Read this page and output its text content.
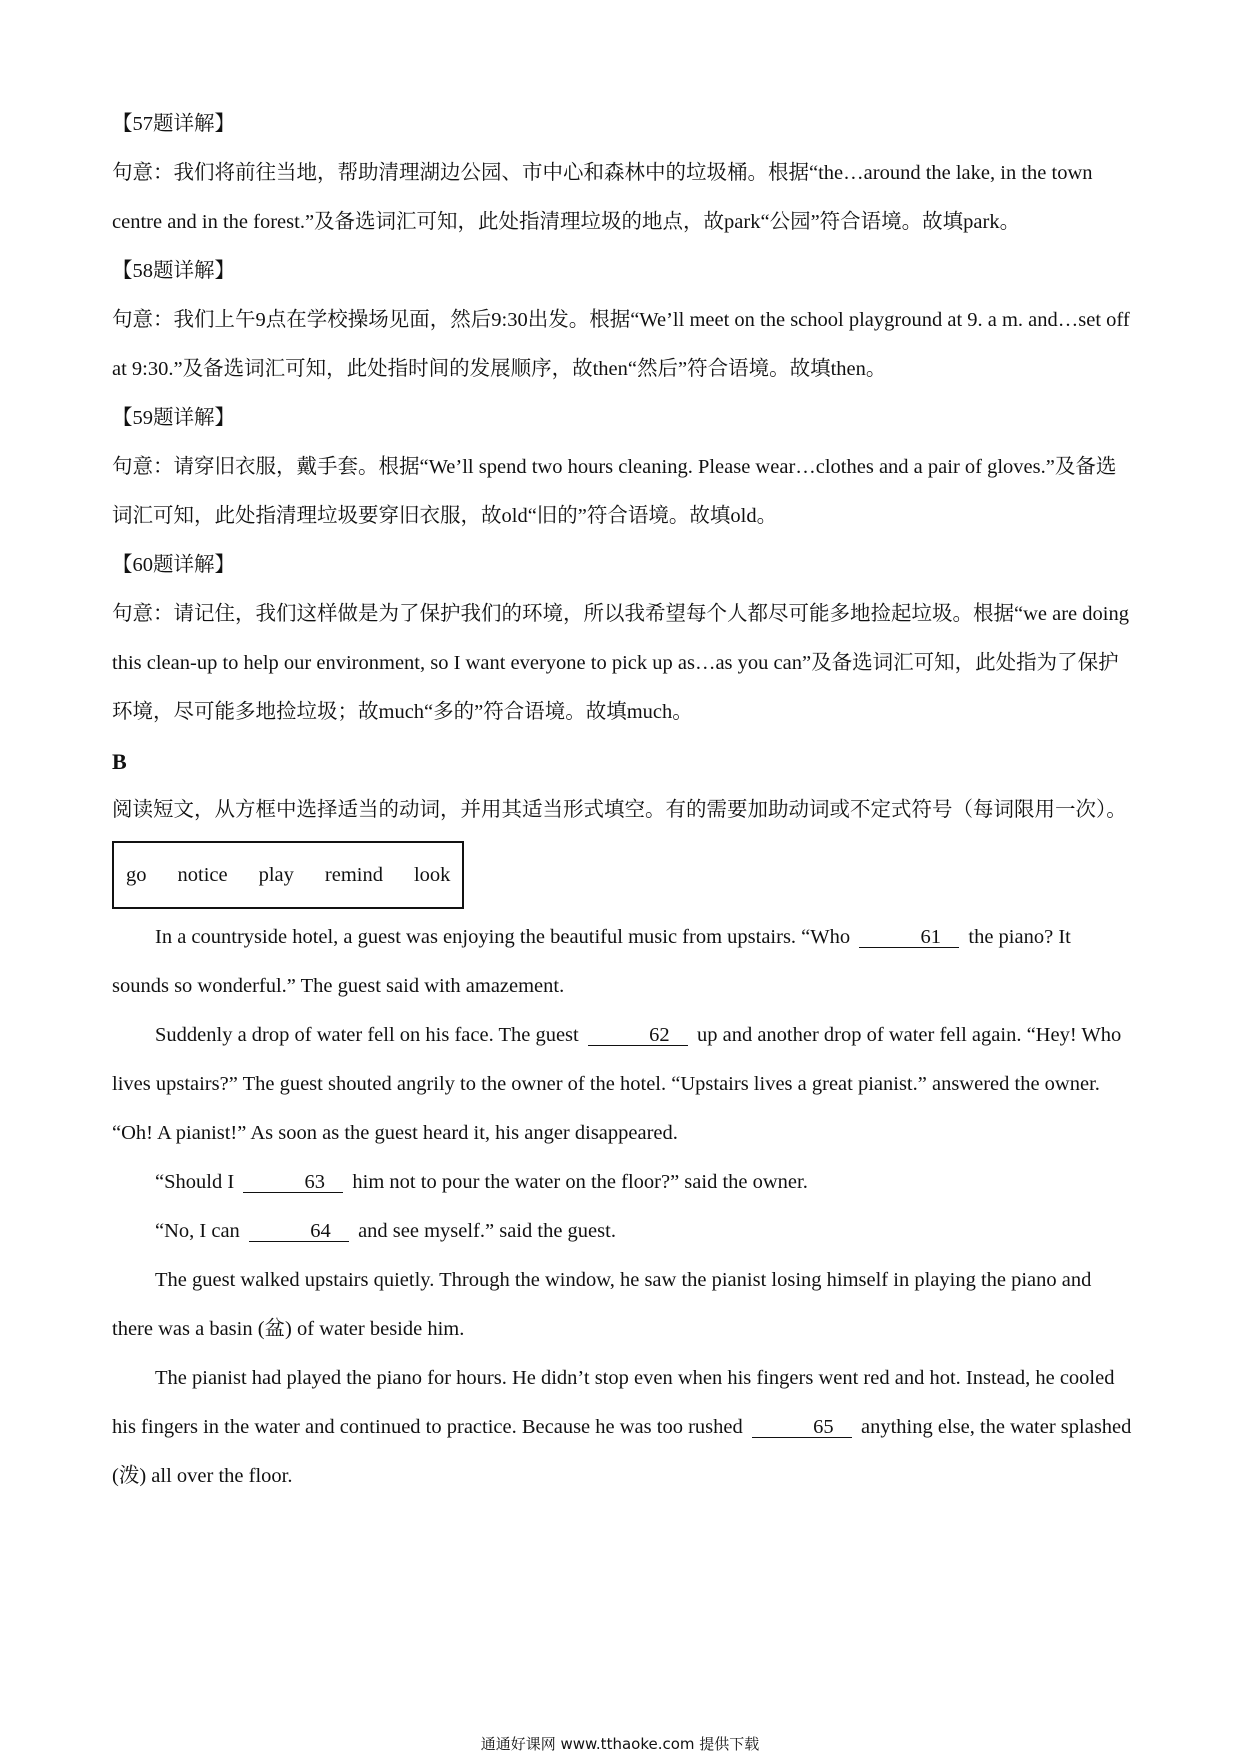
【57题详解】

句意：我们将前往当地，帮助清理湖边公园、市中心和森林中的垃圾桶。根据“the…around the lake, in the town centre and in the forest.”及备选词汇可知，此处指清理垃圾的地点，故park“公园”符合语境。故填park。

【58题详解】

句意：我们上午9点在学校操场见面，然后9:30出发。根据“We’ll meet on the school playground at 9. a m. and…set off at 9:30.”及备选词汇可知，此处指时间的发展顺序，故then“然后”符合语境。故填then。

【59题详解】

句意：请穿旧衣服，戴手套。根据“We’ll spend two hours cleaning. Please wear…clothes and a pair of gloves.”及备选词汇可知，此处指清理垃圾要穿旧衣服，故old“旧的”符合语境。故填old。

【60题详解】

句意：请记住，我们这样做是为了保护我们的环境，所以我希望每个人都尽可能多地捡起垃圾。根据“we are doing this clean-up to help our environment, so I want everyone to pick up as…as you can”及备选词汇可知，此处指为了保护环境，尽可能多地捡垃圾；故much“多的”符合语境。故填much。

B

阅读短文，从方框中选择适当的动词，并用其适当形式填空。有的需要加助动词或不定式符号（每词限用一次）。

go notice play remind look

In a countryside hotel, a guest was enjoying the beautiful music from upstairs. “Who	61 the piano? It sounds so wonderful.” The guest said with amazement.

Suddenly a drop of water fell on his face. The guest	62 up and another drop of water fell again. “Hey! Who lives upstairs?” The guest shouted angrily to the owner of the hotel. “Upstairs lives a great pianist.” answered the owner. “Oh! A pianist!” As soon as the guest heard it, his anger disappeared.

“Should I	63 him not to pour the water on the floor?” said the owner.

“No, I can	64 and see myself.” said the guest.

The guest walked upstairs quietly. Through the window, he saw the pianist losing himself in playing the piano and there was a basin (盆) of water beside him.

The pianist had played the piano for hours. He didn’t stop even when his fingers went red and hot. Instead, he cooled his fingers in the water and continued to practice. Because he was too rushed	65 anything else, the water splashed (泼) all over the floor.

通通好课网 www.tthaoke.com 提供下载
